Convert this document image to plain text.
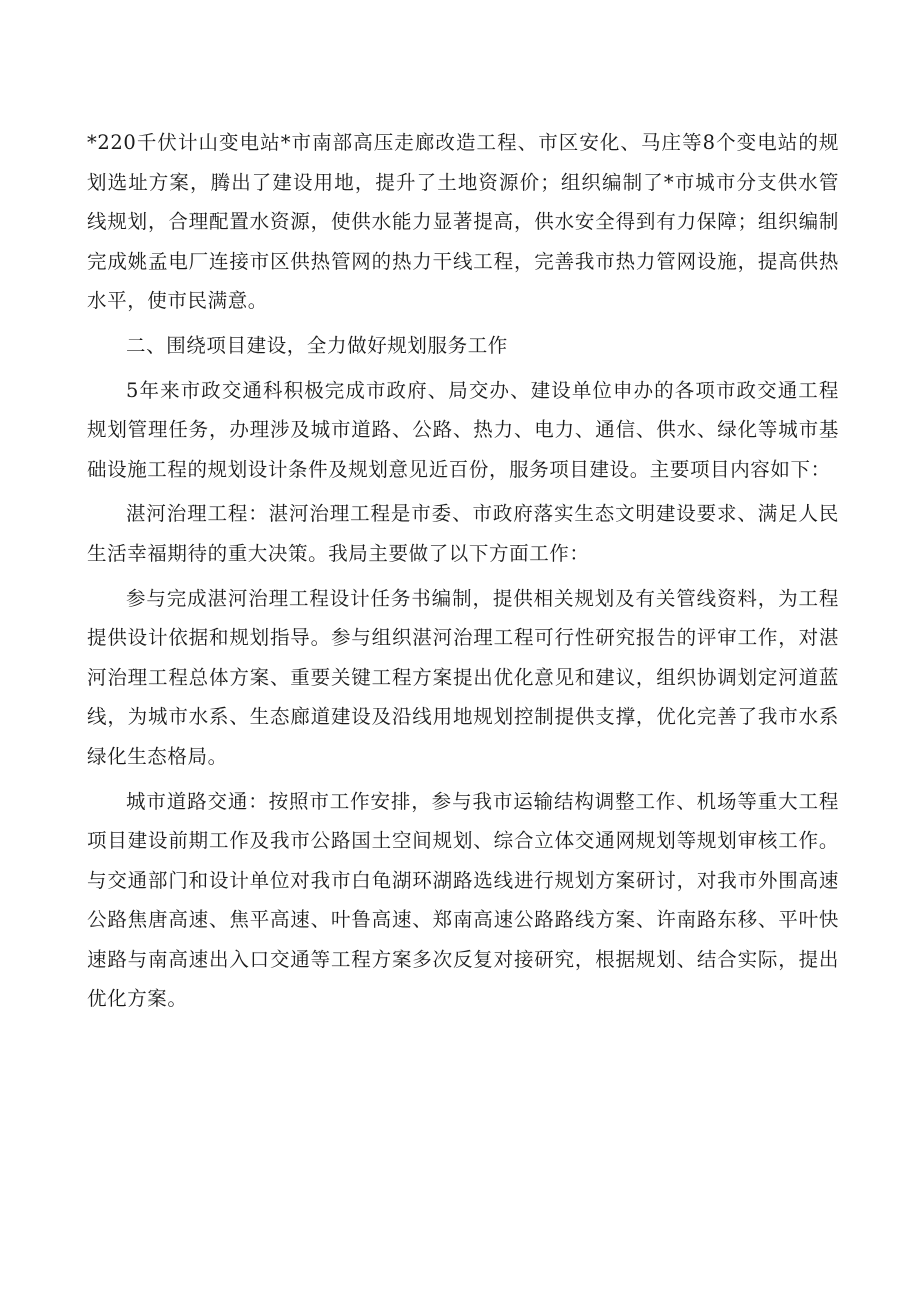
*220千伏计山变电站*市南部高压走廊改造工程、市区安化、马庄等8个变电站的规划选址方案，腾出了建设用地，提升了土地资源价；组织编制了*市城市分支供水管线规划，合理配置水资源，使供水能力显著提高，供水安全得到有力保障；组织编制完成姚孟电厂连接市区供热管网的热力干线工程，完善我市热力管网设施，提高供热水平，使市民满意。

二、围绕项目建设，全力做好规划服务工作

5年来市政交通科积极完成市政府、局交办、建设单位申办的各项市政交通工程规划管理任务，办理涉及城市道路、公路、热力、电力、通信、供水、绿化等城市基础设施工程的规划设计条件及规划意见近百份，服务项目建设。主要项目内容如下：

湛河治理工程：湛河治理工程是市委、市政府落实生态文明建设要求、满足人民生活幸福期待的重大决策。我局主要做了以下方面工作：

参与完成湛河治理工程设计任务书编制，提供相关规划及有关管线资料，为工程提供设计依据和规划指导。参与组织湛河治理工程可行性研究报告的评审工作，对湛河治理工程总体方案、重要关键工程方案提出优化意见和建议，组织协调划定河道蓝线，为城市水系、生态廊道建设及沿线用地规划控制提供支撑，优化完善了我市水系绿化生态格局。

城市道路交通：按照市工作安排，参与我市运输结构调整工作、机场等重大工程项目建设前期工作及我市公路国土空间规划、综合立体交通网规划等规划审核工作。与交通部门和设计单位对我市白龟湖环湖路选线进行规划方案研讨，对我市外围高速公路焦唐高速、焦平高速、叶鲁高速、郑南高速公路路线方案、许南路东移、平叶快速路与南高速出入口交通等工程方案多次反复对接研究，根据规划、结合实际，提出优化方案。
